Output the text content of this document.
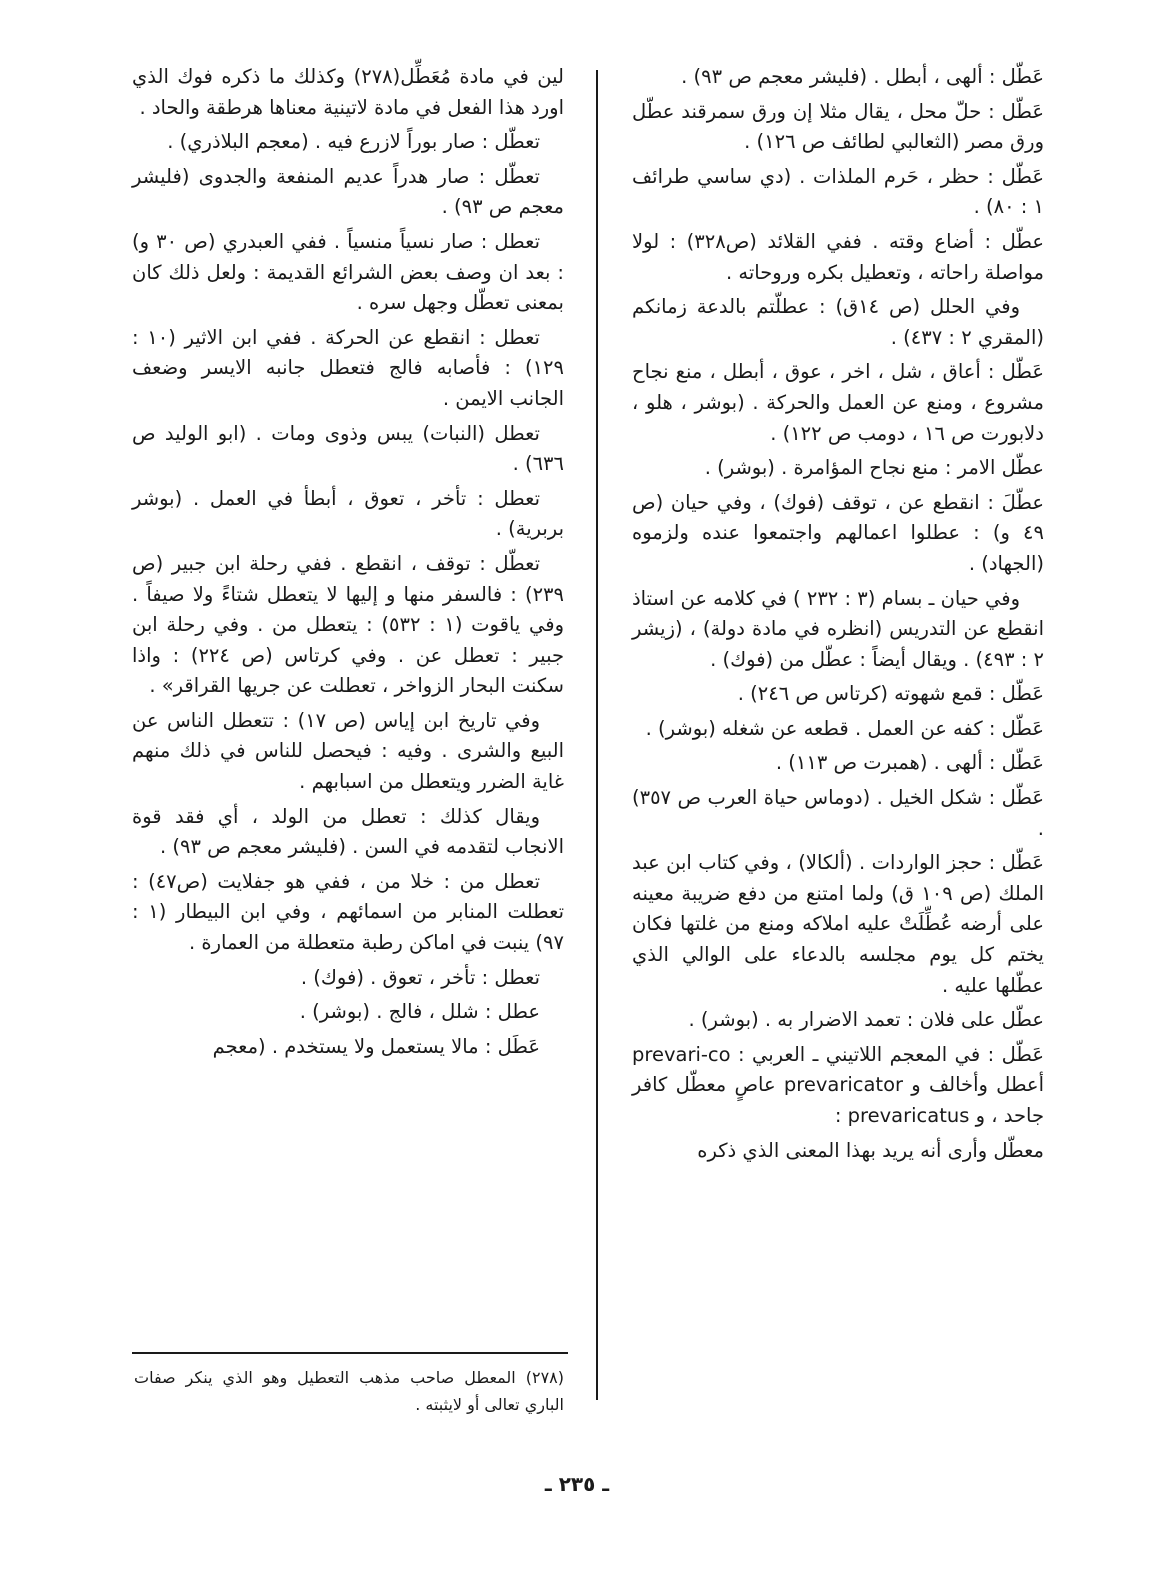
عَطّل : ألهى ، أبطل . (فليشر معجم ص ٩٣) .

عَطّل : حلّ محل ، يقال مثلا إن ورق سمرقند عطّل ورق مصر (الثعالبي لطائف ص ١٢٦) .

عَطّل : حظر ، حَرم الملذات . (دي ساسي طرائف ١ : ٨٠) .

عطّل : أضاع وقته . ففي القلائد (ص٣٢٨) : لولا مواصلة راحاته ، وتعطيل بكره وروحاته .

وفي الحلل (ص ١٤ق) : عطلّتم بالدعة زمانكم (المقري ٢ : ٤٣٧) .

عَطّل : أعاق ، شل ، اخر ، عوق ، أبطل ، منع نجاح مشروع ، ومنع عن العمل والحركة . (بوشر ، هلو ، دلابورت ص ١٦ ، دومب ص ١٢٢) .

عطّل الامر : منع نجاح المؤامرة . (بوشر) .

عطّلَ : انقطع عن ، توقف (فوك) ، وفي حيان (ص ٤٩ و) : عطلوا اعمالهم واجتمعوا عنده ولزموه (الجهاد) .

وفي حيان ـ بسام (٣ : ٢٣٢ ) في كلامه عن استاذ انقطع عن التدريس (انظره في مادة دولة) ، (زيشر ٢ : ٤٩٣) . ويقال أيضاً : عطّل من (فوك) .

عَطّل : قمع شهوته (كرتاس ص ٢٤٦) .

عَطّل : كفه عن العمل . قطعه عن شغله (بوشر) .

عَطّل : ألهى . (همبرت ص ١١٣) .

عَطّل : شكل الخيل . (دوماس حياة العرب ص ٣٥٧) .

عَطّل : حجز الواردات . (ألكالا) ، وفي كتاب ابن عبد الملك (ص ١٠٩ ق) ولما امتنع من دفع ضريبة معينه على أرضه عُطِّلَتْ عليه املاكه ومنع من غلتها فكان يختم كل يوم مجلسه بالدعاء على الوالي الذي عطّلها عليه .

عطّل على فلان : تعمد الاضرار به . (بوشر) .

عَطّل : في المعجم اللاتيني ـ العربي : prevari-co أعطل وأخالف و prevaricator عاصٍ معطّل كافر جاحد ، و prevaricatus :

معطّل وأرى أنه يريد بهذا المعنى الذي ذكره

لين في مادة مُعَطِّل(٢٧٨) وكذلك ما ذكره فوك الذي اورد هذا الفعل في مادة لاتينية معناها هرطقة والحاد .

تعطّل : صار بوراً لازرع فيه . (معجم البلاذري) .

تعطّل : صار هدراً عديم المنفعة والجدوى (فليشر معجم ص ٩٣) .

تعطل : صار نسياً منسياً . ففي العبدري (ص ٣٠ و) : بعد ان وصف بعض الشرائع القديمة : ولعل ذلك كان بمعنى تعطّل وجهل سره .

تعطل : انقطع عن الحركة . ففي ابن الاثير (١٠ : ١٢٩) : فأصابه فالج فتعطل جانبه الايسر وضعف الجانب الايمن .

تعطل (النبات) يبس وذوى ومات . (ابو الوليد ص ٦٣٦) .

تعطل : تأخر ، تعوق ، أبطأ في العمل . (بوشر بربرية) .

تعطّل : توقف ، انقطع . ففي رحلة ابن جبير (ص ٢٣٩) : فالسفر منها و إليها لا يتعطل شتاءً ولا صيفاً . وفي ياقوت (١ : ٥٣٢) : يتعطل من . وفي رحلة ابن جبير : تعطل عن . وفي كرتاس (ص ٢٢٤) : واذا سكنت البحار الزواخر ، تعطلت عن جريها القراقر» .

وفي تاريخ ابن إياس (ص ١٧) : تتعطل الناس عن البيع والشرى . وفيه : فيحصل للناس في ذلك منهم غاية الضرر ويتعطل من اسبابهم .

ويقال كذلك : تعطل من الولد ، أي فقد قوة الانجاب لتقدمه في السن . (فليشر معجم ص ٩٣) .

تعطل من : خلا من ، ففي هو جفلايت (ص٤٧) : تعطلت المنابر من اسمائهم ، وفي ابن البيطار (١ : ٩٧) ينبت في اماكن رطبة متعطلة من العمارة .

تعطل : تأخر ، تعوق . (فوك) .

عطل : شلل ، فالج . (بوشر) .

عَطَل : مالا يستعمل ولا يستخدم . (معجم

(٢٧٨) المعطل صاحب مذهب التعطيل وهو الذي ينكر صفات الباري تعالى أو لايثبته .
ـ ٢٣٥ ـ
